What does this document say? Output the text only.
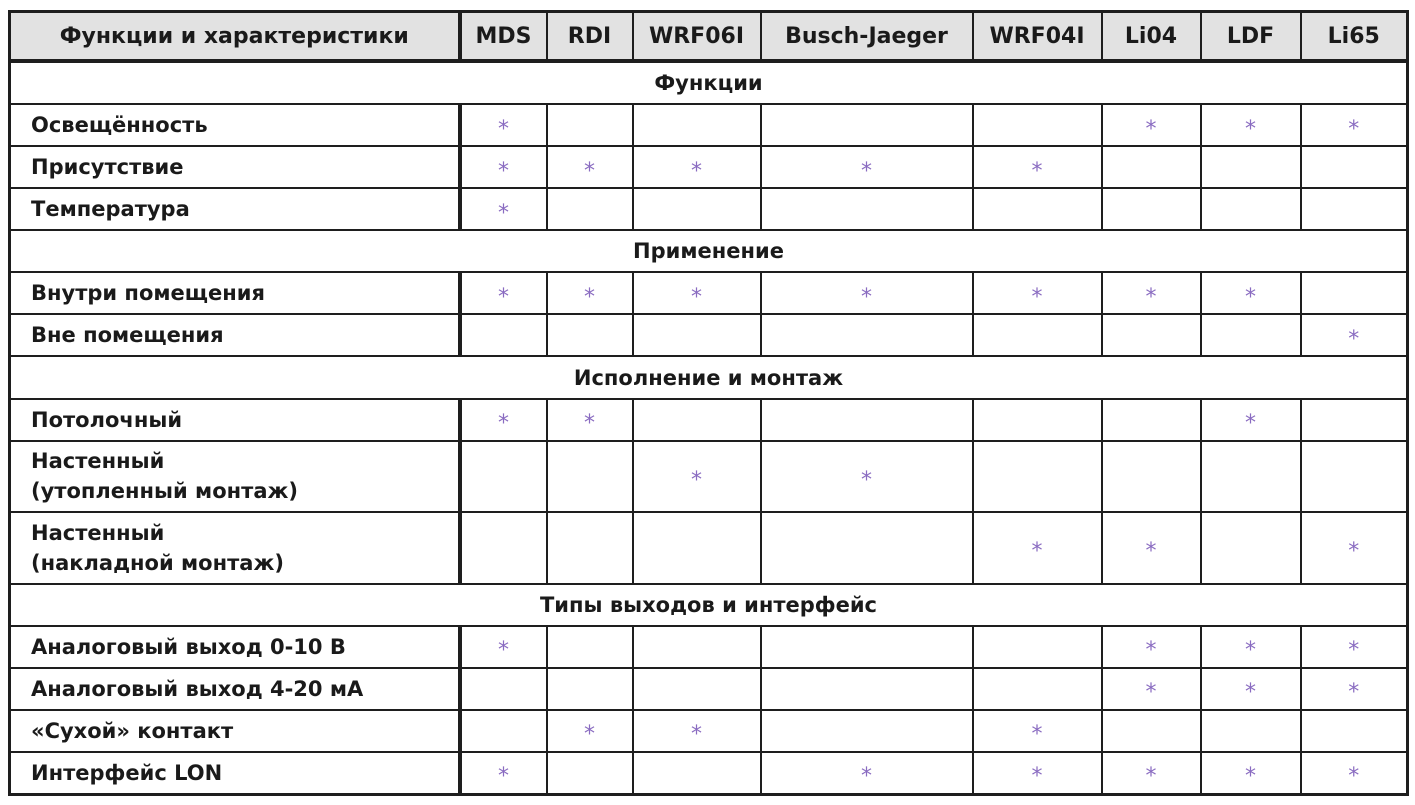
Функции и характеристики	MDS	RDI	WRF06I	Busch-Jaeger	WRF04I	Li04	LDF	Li65
Функции								
Освещённость	*					*	*	*
Присутствие	*	*	*	*	*			
Температура	*							
Применение								
Внутри помещения	*	*	*	*	*	*	*	
Вне помещения								*
Исполнение и монтаж								
Потолочный	*	*					*	
Настенный
(утопленный монтаж)			*	*				
Настенный
(накладной монтаж)					*	*		*
Типы выходов и интерфейс								
Аналоговый выход 0-10 В	*					*	*	*
Аналоговый выход 4-20 мА						*	*	*
«Сухой» контакт		*	*		*			
Интерфейс LON	*			*	*	*	*	*
